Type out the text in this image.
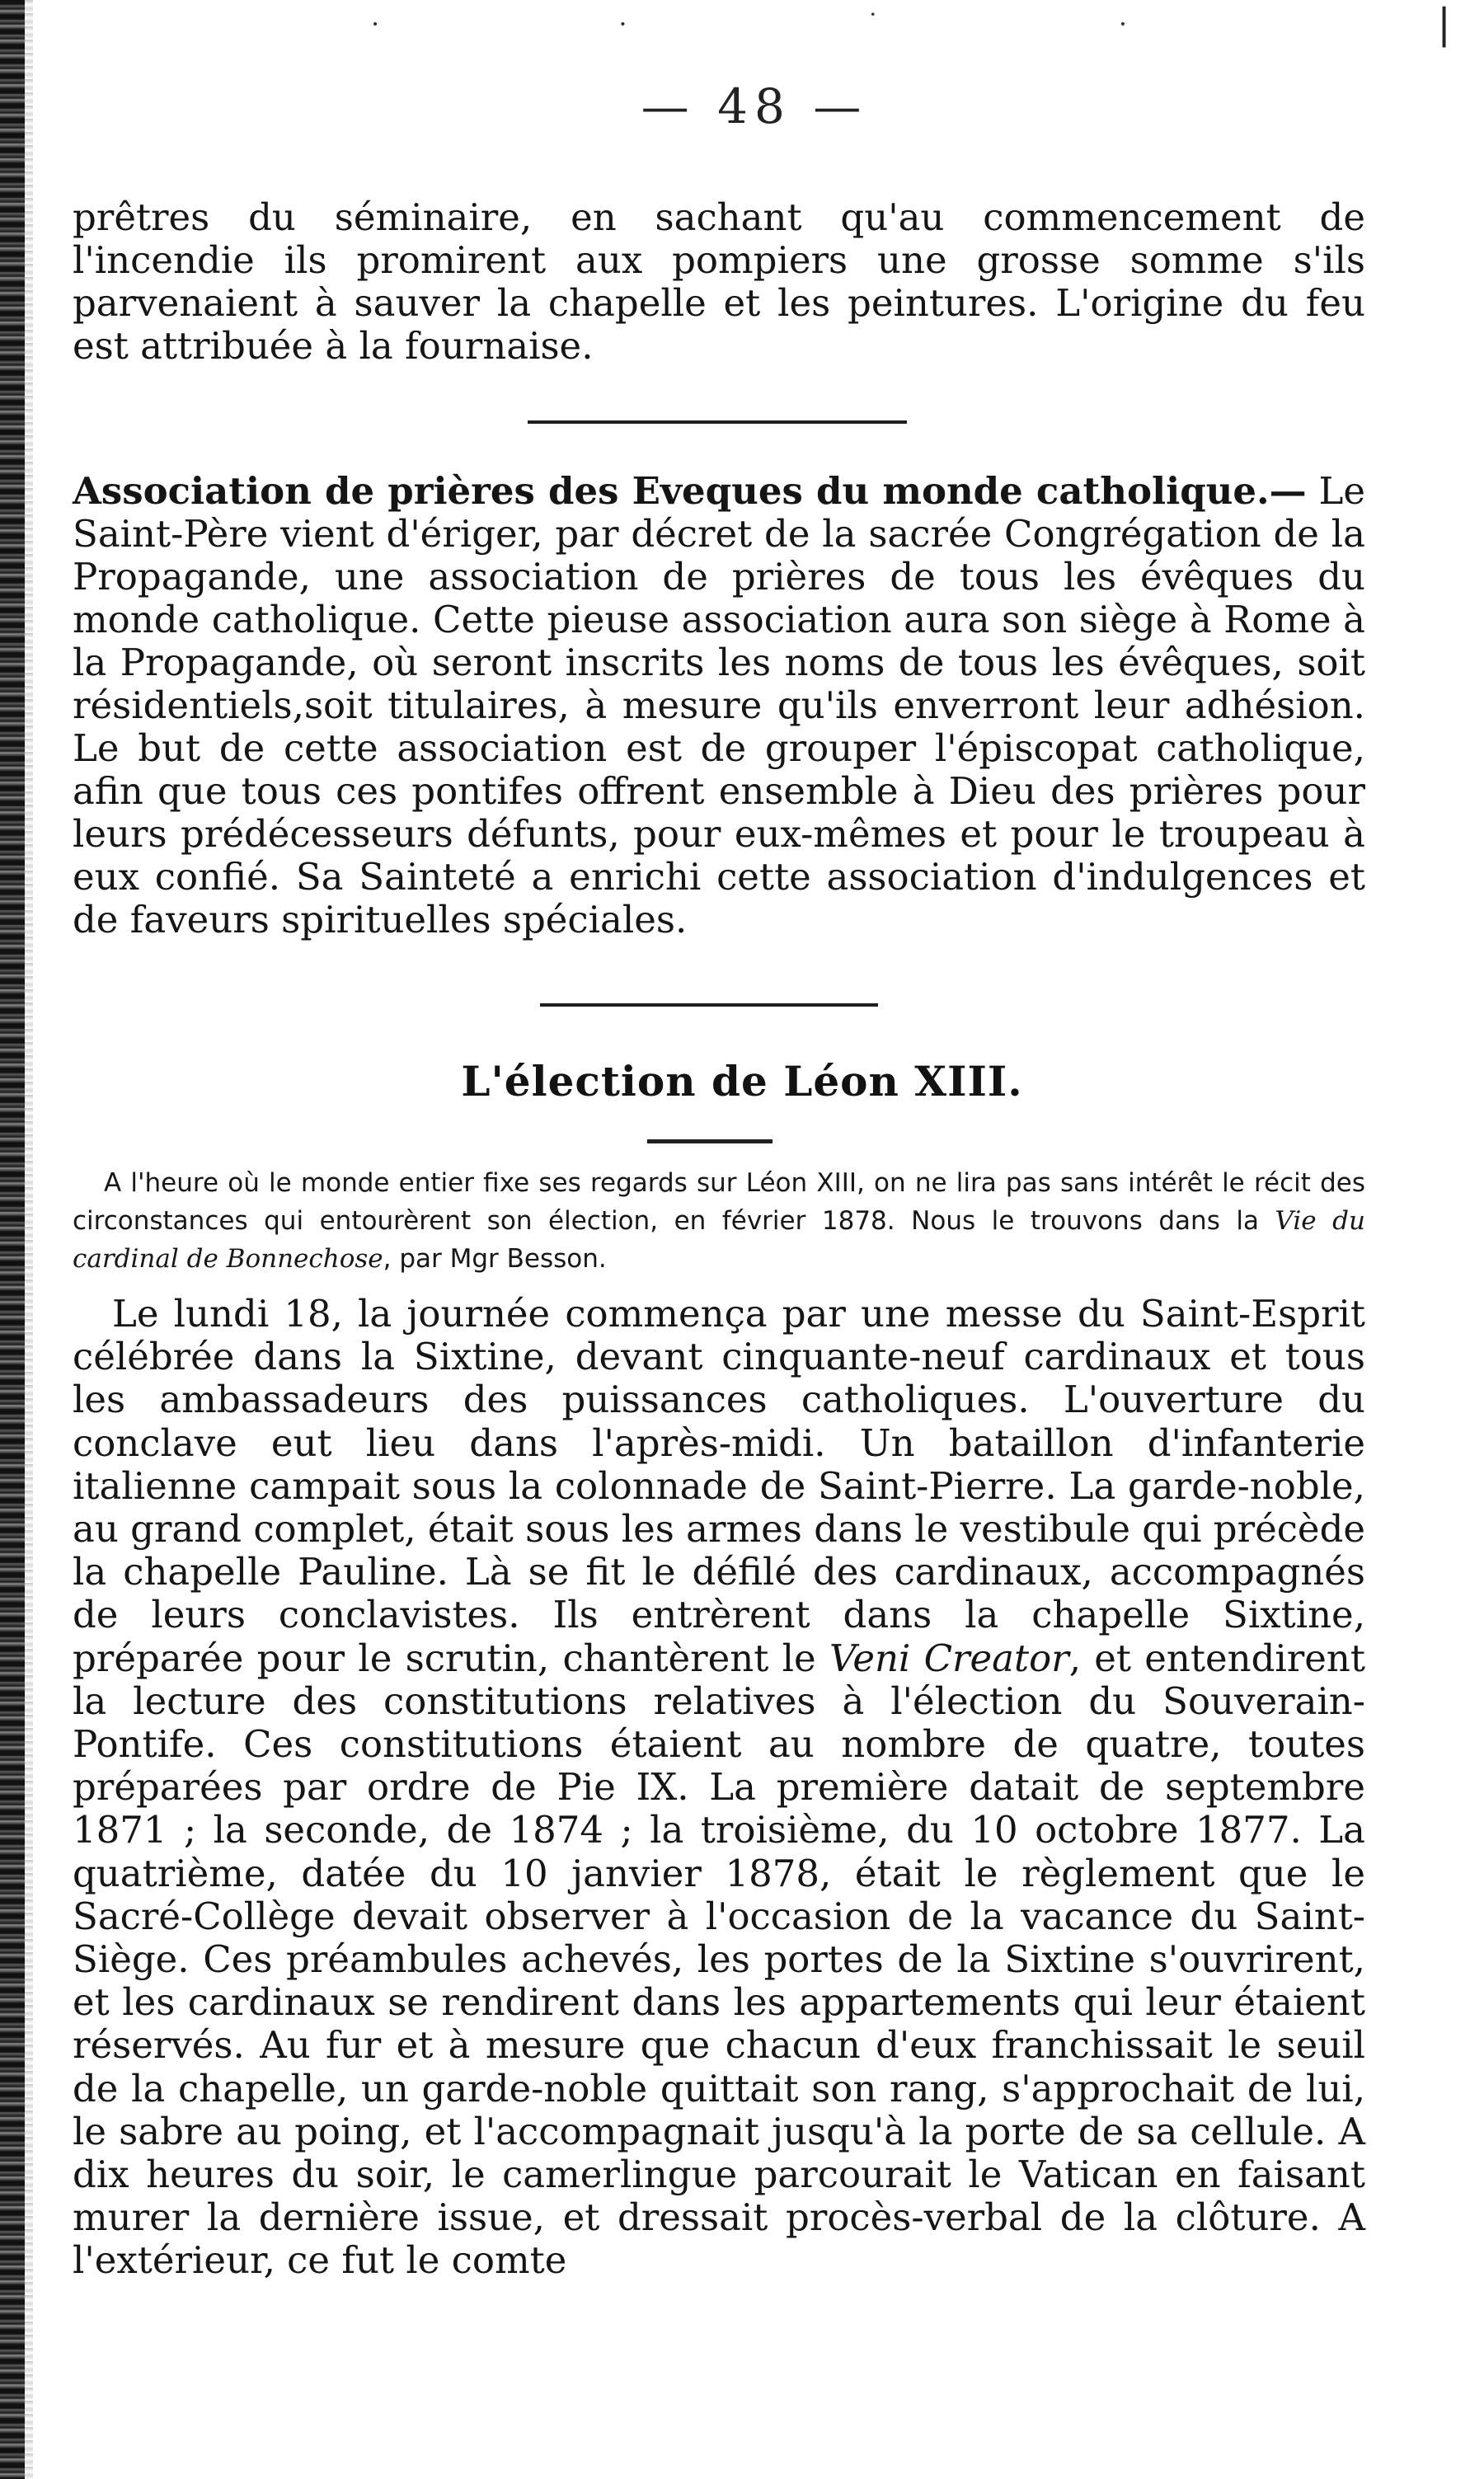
· · ˙ ·	|
— 48 —

prêtres du séminaire, en sachant qu'au commencement de l'incendie ils promirent aux pompiers une grosse somme s'ils parvenaient à sauver la chapelle et les peintures. L'origine du feu est attribuée à la fournaise.

Association de prières des Eveques du monde catholique.— Le Saint-Père vient d'ériger, par décret de la sacrée Congrégation de la Propagande, une association de prières de tous les évêques du monde catholique. Cette pieuse association aura son siège à Rome à la Propagande, où seront inscrits les noms de tous les évêques, soit résidentiels,soit titulaires, à mesure qu'ils enverront leur adhésion. Le but de cette association est de grouper l'épiscopat catholique, afin que tous ces pontifes offrent ensemble à Dieu des prières pour leurs prédécesseurs défunts, pour eux-mêmes et pour le troupeau à eux confié. Sa Sainteté a enrichi cette association d'indulgences et de faveurs spirituelles spéciales.

L'élection de Léon XIII.

A l'heure où le monde entier fixe ses regards sur Léon XIII, on ne lira pas sans intérêt le récit des circonstances qui entourèrent son élection, en février 1878. Nous le trouvons dans la Vie du cardinal de Bonnechose, par Mgr Besson.

Le lundi 18, la journée commença par une messe du Saint-Esprit célébrée dans la Sixtine, devant cinquante-neuf cardinaux et tous les ambassadeurs des puissances catholiques. L'ouverture du conclave eut lieu dans l'après-midi. Un bataillon d'infanterie italienne campait sous la colonnade de Saint-Pierre. La garde-noble, au grand complet, était sous les armes dans le vestibule qui précède la chapelle Pauline. Là se fit le défilé des cardinaux, accompagnés de leurs conclavistes. Ils entrèrent dans la chapelle Sixtine, préparée pour le scrutin, chantèrent le Veni Creator, et entendirent la lecture des constitutions relatives à l'élection du Souverain-Pontife. Ces constitutions étaient au nombre de quatre, toutes préparées par ordre de Pie IX. La première datait de septembre 1871 ; la seconde, de 1874 ; la troisième, du 10 octobre 1877. La quatrième, datée du 10 janvier 1878, était le règlement que le Sacré-Collège devait observer à l'occasion de la vacance du Saint-Siège. Ces préambules achevés, les portes de la Sixtine s'ouvrirent, et les cardinaux se rendirent dans les appartements qui leur étaient réservés. Au fur et à mesure que chacun d'eux franchissait le seuil de la chapelle, un garde-noble quittait son rang, s'approchait de lui, le sabre au poing, et l'accompagnait jusqu'à la porte de sa cellule. A dix heures du soir, le camerlingue parcourait le Vatican en faisant murer la dernière issue, et dressait procès-verbal de la clôture. A l'extérieur, ce fut le comte
